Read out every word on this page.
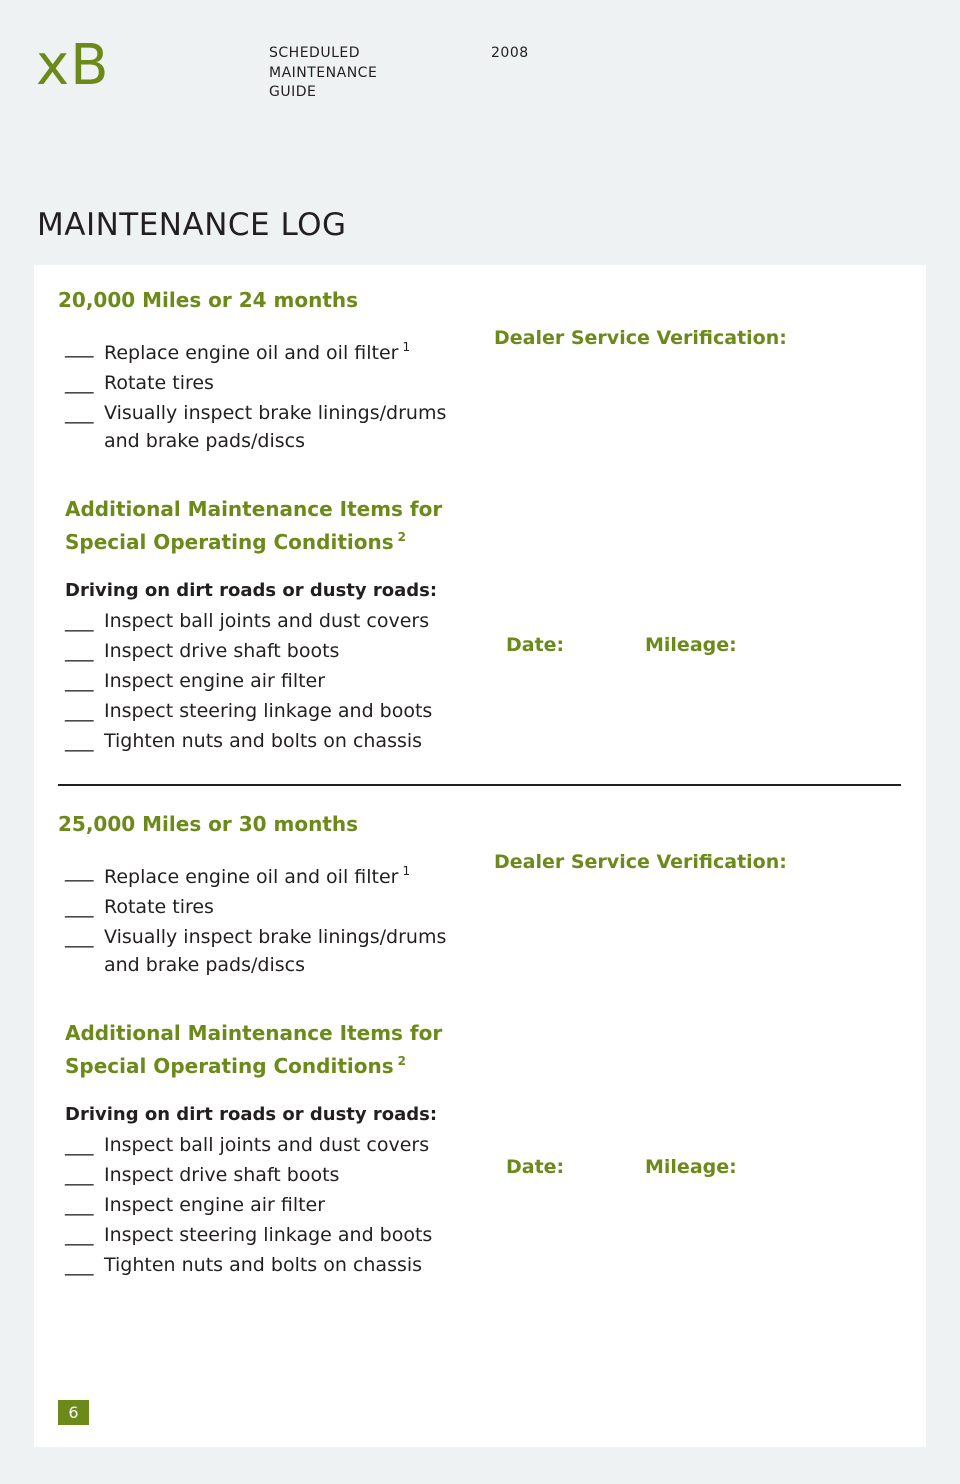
xB	SCHEDULED
MAINTENANCE
GUIDE
2008
MAINTENANCE LOG
20,000 Miles or 24 months
___ Replace engine oil and oil filter $^1$
___ Rotate tires
___ Visually inspect brake linings/drums and brake pads/discs
Additional Maintenance Items for Special Operating Conditions $^2$
Driving on dirt roads or dusty roads:
___ Inspect ball joints and dust covers
___ Inspect drive shaft boots
___ Inspect engine air filter
___ Inspect steering linkage and boots
___ Tighten nuts and bolts on chassis
Dealer Service Verification:
Date:	Mileage:
25,000 Miles or 30 months
___ Replace engine oil and oil filter $^1$
___ Rotate tires
___ Visually inspect brake linings/drums and brake pads/discs
Additional Maintenance Items for Special Operating Conditions $^2$
Driving on dirt roads or dusty roads:
___ Inspect ball joints and dust covers
___ Inspect drive shaft boots
___ Inspect engine air filter
___ Inspect steering linkage and boots
___ Tighten nuts and bolts on chassis
Dealer Service Verification:
Date:	Mileage:
6
